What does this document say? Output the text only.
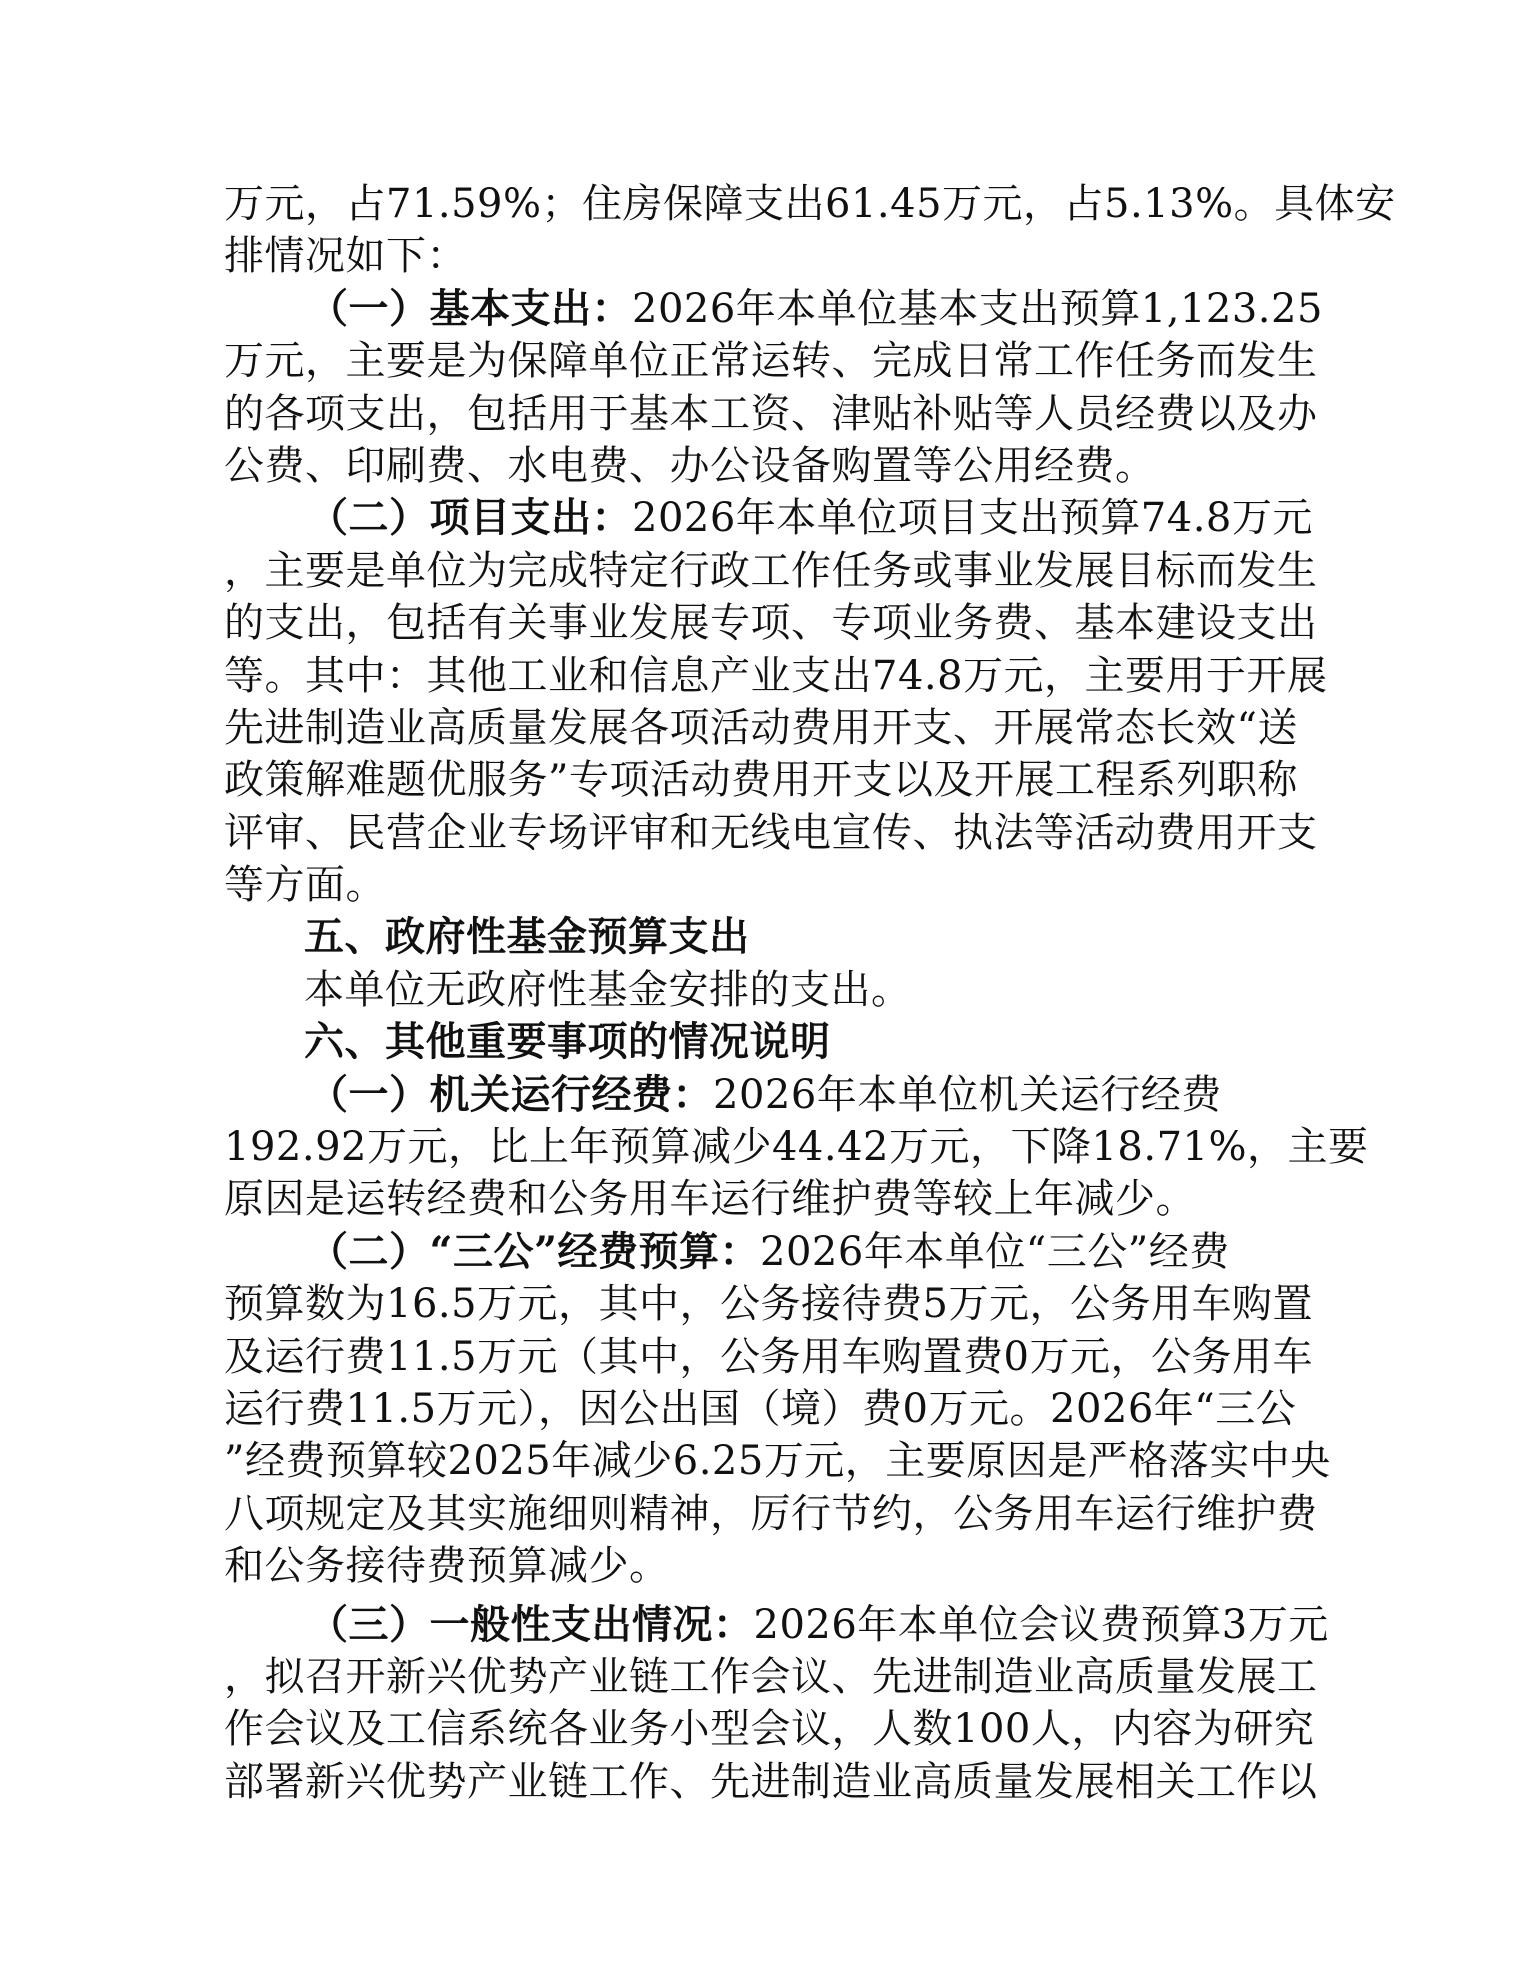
万元，占71.59%；住房保障支出61.45万元，占5.13%。具体安
排情况如下：
（一）基本支出：2026年本单位基本支出预算1,123.25
万元，主要是为保障单位正常运转、完成日常工作任务而发生
的各项支出，包括用于基本工资、津贴补贴等人员经费以及办
公费、印刷费、水电费、办公设备购置等公用经费。
（二）项目支出：2026年本单位项目支出预算74.8万元
，主要是单位为完成特定行政工作任务或事业发展目标而发生
的支出，包括有关事业发展专项、专项业务费、基本建设支出
等。其中：其他工业和信息产业支出74.8万元，主要用于开展
先进制造业高质量发展各项活动费用开支、开展常态长效“送
政策解难题优服务”专项活动费用开支以及开展工程系列职称
评审、民营企业专场评审和无线电宣传、执法等活动费用开支
等方面。
五、政府性基金预算支出
本单位无政府性基金安排的支出。
六、其他重要事项的情况说明
（一）机关运行经费：2026年本单位机关运行经费
192.92万元，比上年预算减少44.42万元，下降18.71%，主要
原因是运转经费和公务用车运行维护费等较上年减少。
（二）“三公”经费预算：2026年本单位“三公”经费
预算数为16.5万元，其中，公务接待费5万元，公务用车购置
及运行费11.5万元（其中，公务用车购置费0万元，公务用车
运行费11.5万元），因公出国（境）费0万元。2026年“三公
”经费预算较2025年减少6.25万元，主要原因是严格落实中央
八项规定及其实施细则精神，厉行节约，公务用车运行维护费
和公务接待费预算减少。
（三）一般性支出情况：2026年本单位会议费预算3万元
，拟召开新兴优势产业链工作会议、先进制造业高质量发展工
作会议及工信系统各业务小型会议，人数100人，内容为研究
部署新兴优势产业链工作、先进制造业高质量发展相关工作以
